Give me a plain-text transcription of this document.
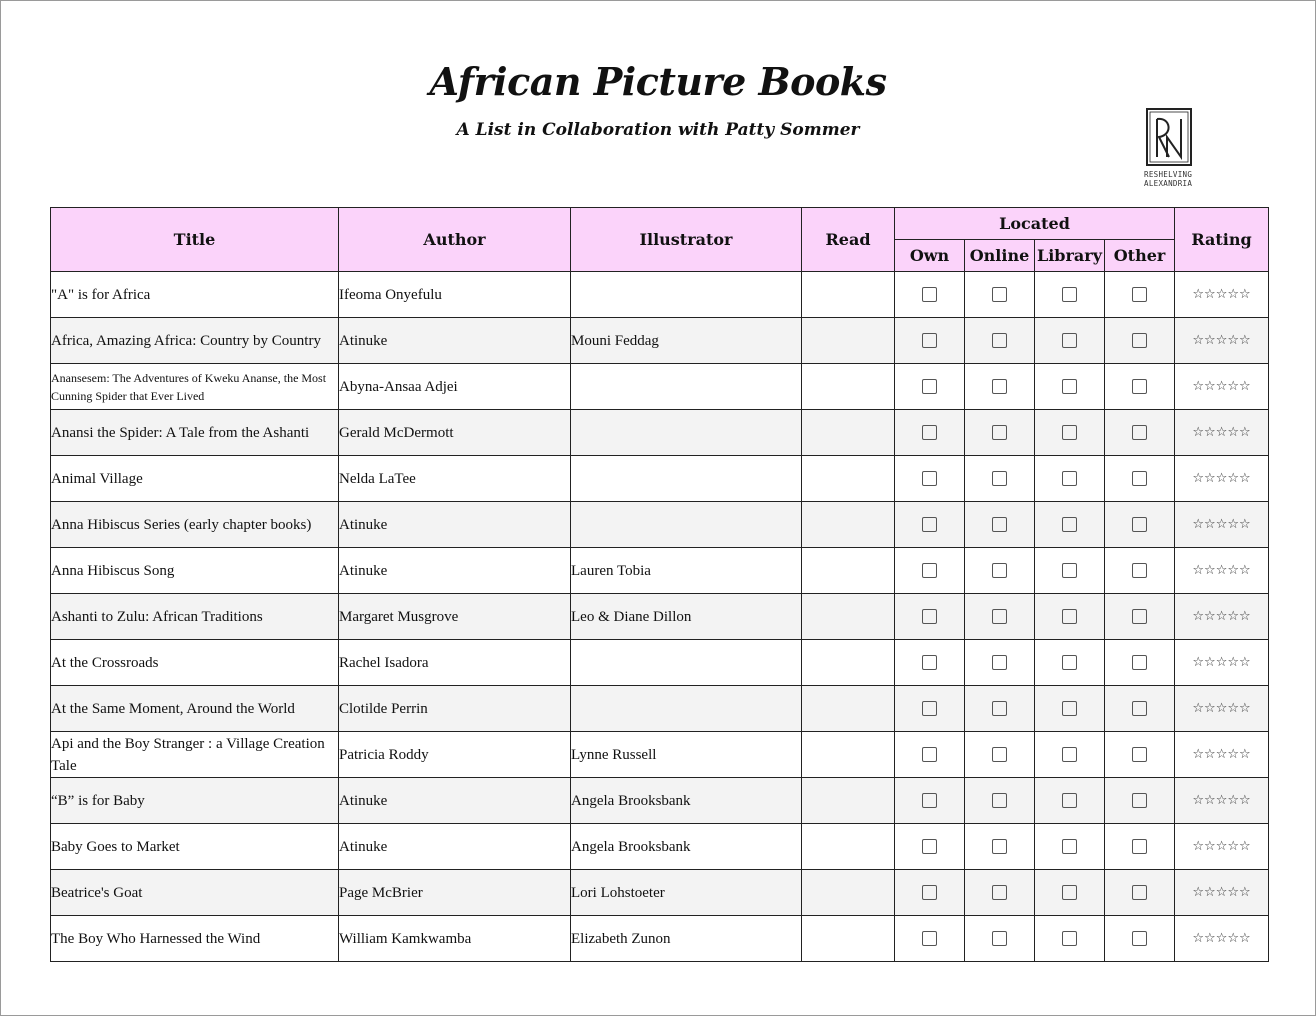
African Picture Books
A List in Collaboration with Patty Sommer
RESHELVING
ALEXANDRIA
Title	Author	Illustrator	Read	Located				Rating
				Own	Online	Library	Other	
"A" is for Africa	Ifeoma Onyefulu							☆☆☆☆☆
Africa, Amazing Africa: Country by Country	Atinuke	Mouni Feddag						☆☆☆☆☆
Anansesem: The Adventures of Kweku Ananse, the Most Cunning Spider that Ever Lived	Abyna-Ansaa Adjei							☆☆☆☆☆
Anansi the Spider: A Tale from the Ashanti	Gerald McDermott							☆☆☆☆☆
Animal Village	Nelda LaTee							☆☆☆☆☆
Anna Hibiscus Series (early chapter books)	Atinuke							☆☆☆☆☆
Anna Hibiscus Song	Atinuke	Lauren Tobia						☆☆☆☆☆
Ashanti to Zulu: African Traditions	Margaret Musgrove	Leo & Diane Dillon						☆☆☆☆☆
At the Crossroads	Rachel Isadora							☆☆☆☆☆
At the Same Moment, Around the World	Clotilde Perrin							☆☆☆☆☆
Api and the Boy Stranger : a Village Creation Tale	Patricia Roddy	Lynne Russell						☆☆☆☆☆
“B” is for Baby	Atinuke	Angela Brooksbank						☆☆☆☆☆
Baby Goes to Market	Atinuke	Angela Brooksbank						☆☆☆☆☆
Beatrice's Goat	Page McBrier	Lori Lohstoeter						☆☆☆☆☆
The Boy Who Harnessed the Wind	William Kamkwamba	Elizabeth Zunon						☆☆☆☆☆
